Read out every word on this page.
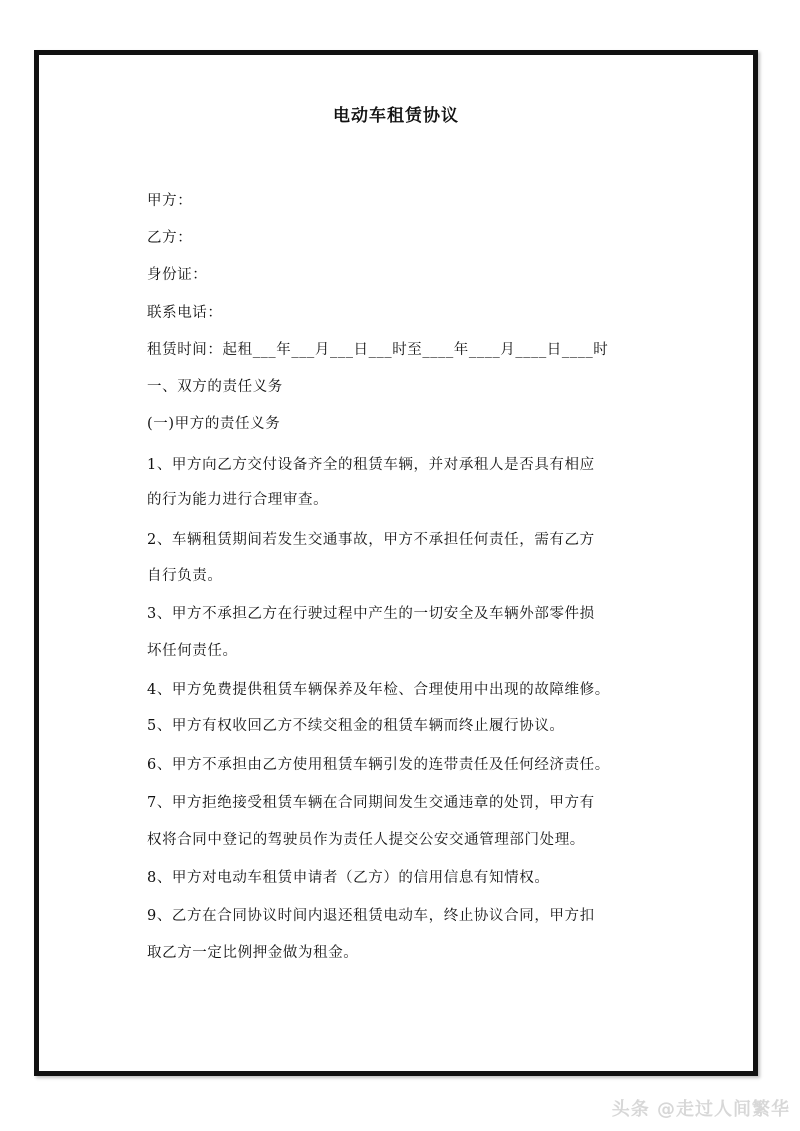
电动车租赁协议
甲方：
乙方：
身份证：
联系电话：
租赁时间：起租___年___月___日___时至____年____月____日____时
一、双方的责任义务
(一)甲方的责任义务
1、甲方向乙方交付设备齐全的租赁车辆，并对承租人是否具有相应
的行为能力进行合理审查。
2、车辆租赁期间若发生交通事故，甲方不承担任何责任，需有乙方
自行负责。
3、甲方不承担乙方在行驶过程中产生的一切安全及车辆外部零件损
坏任何责任。
4、甲方免费提供租赁车辆保养及年检、合理使用中出现的故障维修。
5、甲方有权收回乙方不续交租金的租赁车辆而终止履行协议。
6、甲方不承担由乙方使用租赁车辆引发的连带责任及任何经济责任。
7、甲方拒绝接受租赁车辆在合同期间发生交通违章的处罚，甲方有
权将合同中登记的驾驶员作为责任人提交公安交通管理部门处理。
8、甲方对电动车租赁申请者（乙方）的信用信息有知情权。
9、乙方在合同协议时间内退还租赁电动车，终止协议合同，甲方扣
取乙方一定比例押金做为租金。
头条 @走过人间繁华
